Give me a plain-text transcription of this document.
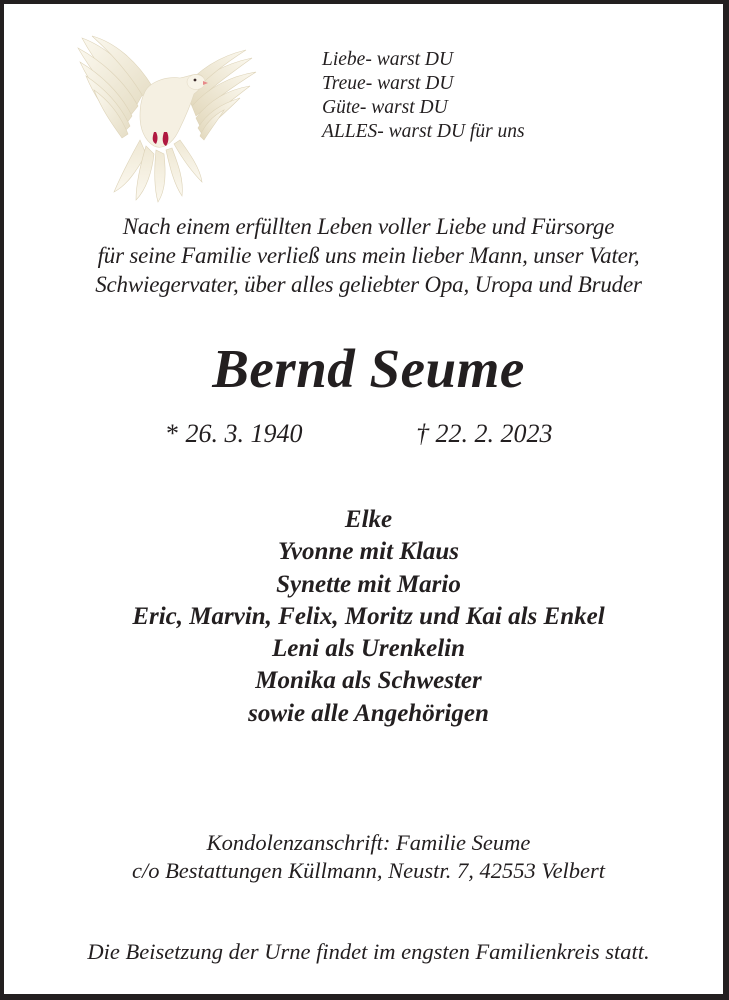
Liebe- warst DU
Treue- warst DU
Güte- warst DU
ALLES- warst DU für uns
Nach einem erfüllten Leben voller Liebe und Fürsorge
für seine Familie verließ uns mein lieber Mann, unser Vater,
Schwiegervater, über alles geliebter Opa, Uropa und Bruder
Bernd Seume
* 26. 3. 1940	† 22. 2. 2023
Elke
Yvonne mit Klaus
Synette mit Mario
Eric, Marvin, Felix, Moritz und Kai als Enkel
Leni als Urenkelin
Monika als Schwester
sowie alle Angehörigen
Kondolenzanschrift: Familie Seume
c/o Bestattungen Küllmann, Neustr. 7, 42553 Velbert
Die Beisetzung der Urne findet im engsten Familienkreis statt.
